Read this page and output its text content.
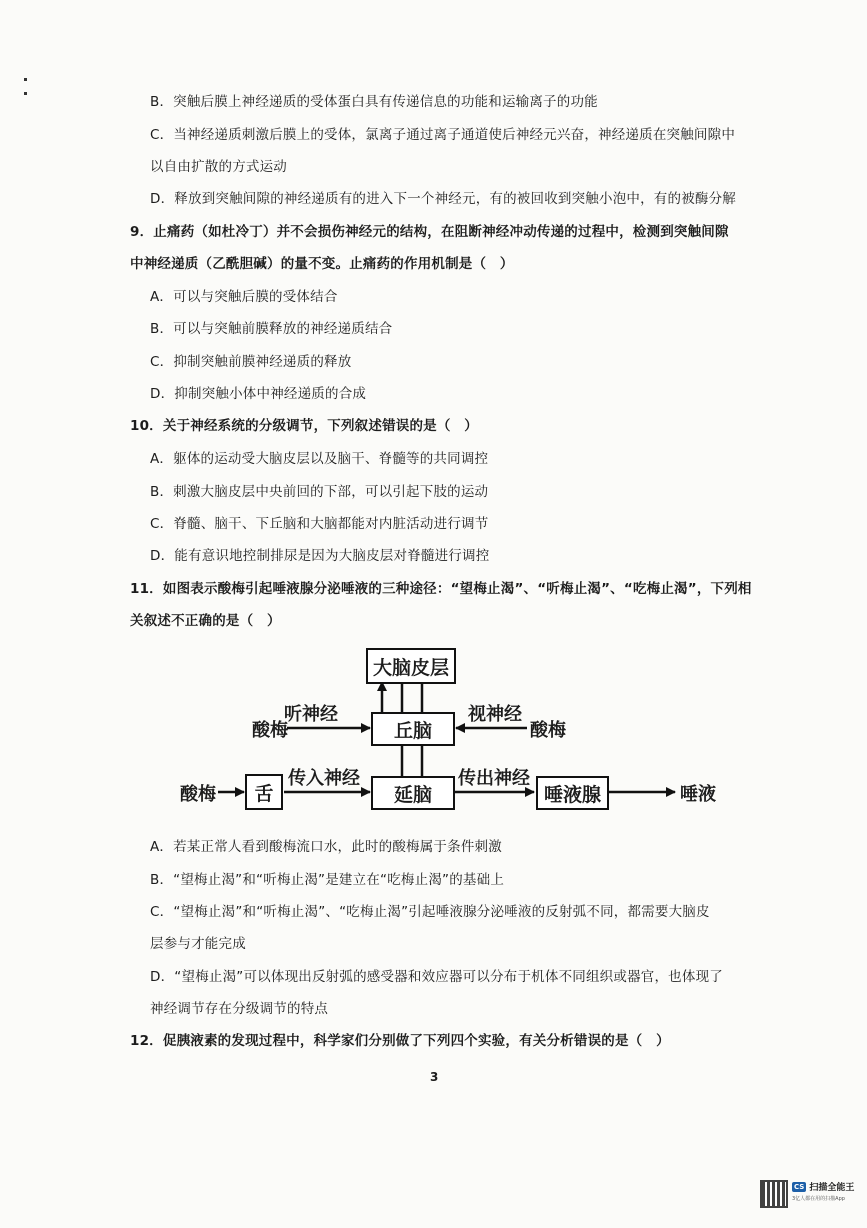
B．突触后膜上神经递质的受体蛋白具有传递信息的功能和运输离子的功能
C．当神经递质刺激后膜上的受体，氯离子通过离子通道使后神经元兴奋，神经递质在突触间隙中
以自由扩散的方式运动
D．释放到突触间隙的神经递质有的进入下一个神经元，有的被回收到突触小泡中，有的被酶分解
9．止痛药（如杜冷丁）并不会损伤神经元的结构，在阻断神经冲动传递的过程中，检测到突触间隙
中神经递质（乙酰胆碱）的量不变。止痛药的作用机制是（　）
A．可以与突触后膜的受体结合
B．可以与突触前膜释放的神经递质结合
C．抑制突触前膜神经递质的释放
D．抑制突触小体中神经递质的合成
10．关于神经系统的分级调节，下列叙述错误的是（　）
A．躯体的运动受大脑皮层以及脑干、脊髓等的共同调控
B．刺激大脑皮层中央前回的下部，可以引起下肢的运动
C．脊髓、脑干、下丘脑和大脑都能对内脏活动进行调节
D．能有意识地控制排尿是因为大脑皮层对脊髓进行调控
11．如图表示酸梅引起唾液腺分泌唾液的三种途径：“望梅止渴”、“听梅止渴”、“吃梅止渴”，下列相
关叙述不正确的是（　）
A．若某正常人看到酸梅流口水，此时的酸梅属于条件刺激
B．“望梅止渴”和“听梅止渴”是建立在“吃梅止渴”的基础上
C．“望梅止渴”和“听梅止渴”、“吃梅止渴”引起唾液腺分泌唾液的反射弧不同，都需要大脑皮
层参与才能完成
D．“望梅止渴”可以体现出反射弧的感受器和效应器可以分布于机体不同组织或器官，也体现了
神经调节存在分级调节的特点
12．促胰液素的发现过程中，科学家们分别做了下列四个实验，有关分析错误的是（　）
大脑皮层
丘脑
延脑
舌	唾液腺
听神经	视神经
酸梅	酸梅
传入神经	传出神经
酸梅	唾液
3
CS 扫描全能王
3亿人都在用的扫描App
